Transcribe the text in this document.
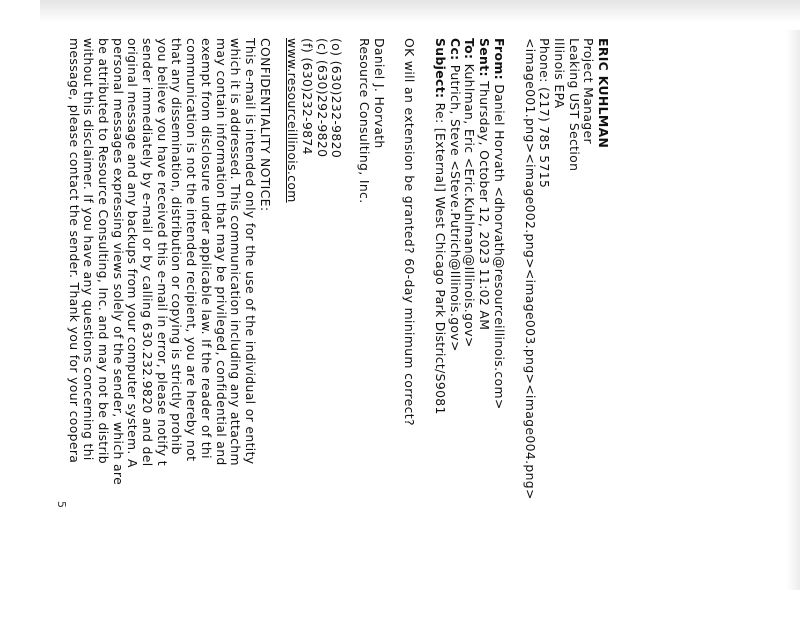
ERIC KUHLMAN
Project Manager
Leaking UST Section
Illinois EPA
Phone: (217) 785 5715
<image001.png><image002.png><image003.png><image004.png>
From: Daniel Horvath <dhorvath@resourceillinois.com>
Sent: Thursday, October 12, 2023 11:02 AM
To: Kuhlman, Eric <Eric.Kuhlman@Illinois.gov>
Cc: Putrich, Steve <Steve.Putrich@Illinois.gov>
Subject: Re: [External] West Chicago Park District/S9081
OK will an extension be granted? 60-day minimum correct?
Daniel J. Horvath
Resource Consulting, Inc.
(o) (630)232-9820
(c) (630)292-9820
(f) (630)232-9874
www.resourceillinois.com
CONFIDENTIALITY NOTICE:
This e-mail is intended only for the use of the individual or entity
which it is addressed. This communication including any attachm
may contain information that may be privileged, confidential and
exempt from disclosure under applicable law. If the reader of thi
communication is not the intended recipient, you are hereby not
that any dissemination, distribution or copying is strictly prohib
you believe you have received this e-mail in error, please notify t
sender immediately by e-mail or by calling 630.232.9820 and del
original message and any backups from your computer system. A
personal messages expressing views solely of the sender, which are
be attributed to Resource Consulting, Inc. and may not be distrib
without this disclaimer. If you have any questions concerning thi
message, please contact the sender. Thank you for your coopera
5
